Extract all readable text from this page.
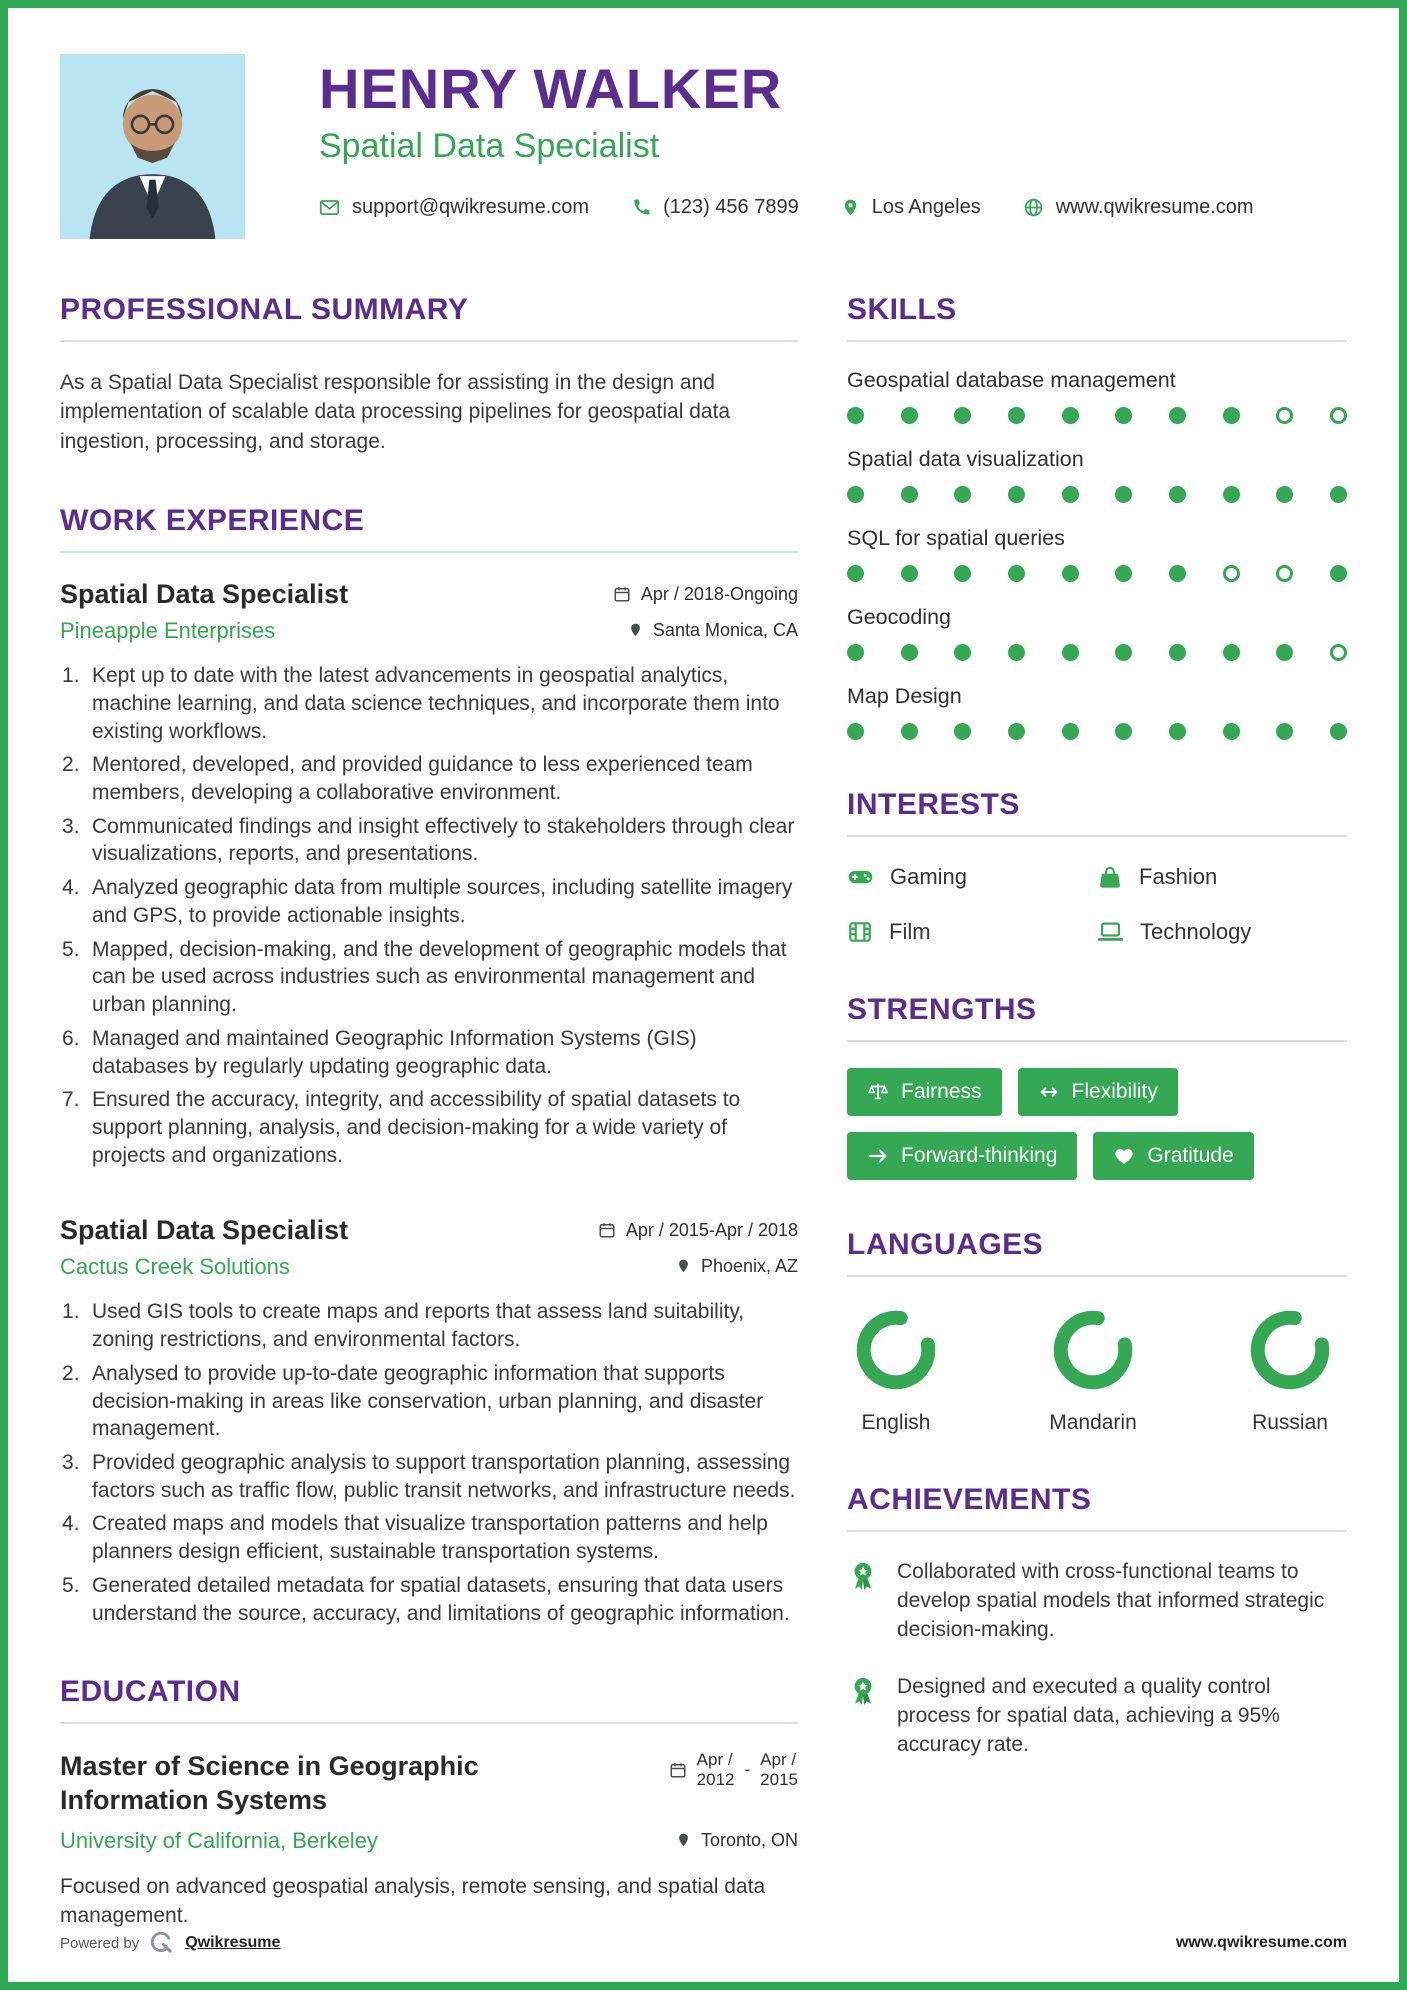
HENRY WALKER
Spatial Data Specialist
support@qwikresume.com	(123) 456 7899	Los Angeles	www.qwikresume.com
PROFESSIONAL SUMMARY

As a Spatial Data Specialist responsible for assisting in the design and implementation of scalable data processing pipelines for geospatial data ingestion, processing, and storage.

WORK EXPERIENCE
Spatial Data Specialist	Apr / 2018-Ongoing
Pineapple Enterprises	Santa Monica, CA
Kept up to date with the latest advancements in geospatial analytics, machine learning, and data science techniques, and incorporate them into existing workflows.
Mentored, developed, and provided guidance to less experienced team members, developing a collaborative environment.
Communicated findings and insight effectively to stakeholders through clear visualizations, reports, and presentations.
Analyzed geographic data from multiple sources, including satellite imagery and GPS, to provide actionable insights.
Mapped, decision-making, and the development of geographic models that can be used across industries such as environmental management and urban planning.
Managed and maintained Geographic Information Systems (GIS) databases by regularly updating geographic data.
Ensured the accuracy, integrity, and accessibility of spatial datasets to support planning, analysis, and decision-making for a wide variety of projects and organizations.
Spatial Data Specialist	Apr / 2015-Apr / 2018
Cactus Creek Solutions	Phoenix, AZ
Used GIS tools to create maps and reports that assess land suitability, zoning restrictions, and environmental factors.
Analysed to provide up-to-date geographic information that supports decision-making in areas like conservation, urban planning, and disaster management.
Provided geographic analysis to support transportation planning, assessing factors such as traffic flow, public transit networks, and infrastructure needs.
Created maps and models that visualize transportation patterns and help planners design efficient, sustainable transportation systems.
Generated detailed metadata for spatial datasets, ensuring that data users understand the source, accuracy, and limitations of geographic information.
EDUCATION
Master of Science in Geographic Information Systems
Apr /
2012
-
Apr /
2015
University of California, Berkeley	Toronto, ON

Focused on advanced geospatial analysis, remote sensing, and spatial data management.

SKILLS
Geospatial database management
Spatial data visualization
SQL for spatial queries
Geocoding
Map Design
INTERESTS
Gaming	Fashion
Film	Technology
STRENGTHS
Fairness	Flexibility
Forward-thinking	Gratitude
LANGUAGES
English	Mandarin	Russian
ACHIEVEMENTS

Collaborated with cross-functional teams to develop spatial models that informed strategic decision-making.

Designed and executed a quality control process for spatial data, achieving a 95% accuracy rate.

Powered by	Qwikresume	www.qwikresume.com
